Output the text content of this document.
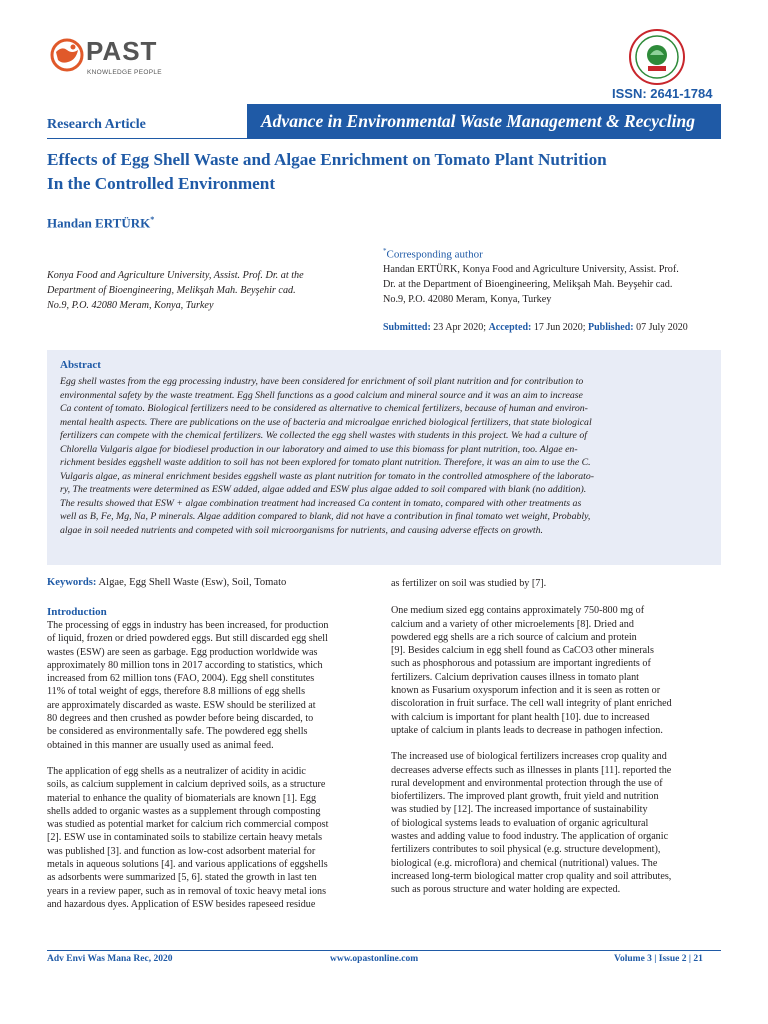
PAST
KNOWLEDGE PEOPLE
ISSN: 2641-1784
Research Article	Advance in Environmental Waste Management & Recycling
Effects of Egg Shell Waste and Algae Enrichment on Tomato Plant Nutrition
In the Controlled Environment
Handan ERTÜRK*
Konya Food and Agriculture University, Assist. Prof. Dr. at the
Department of Bioengineering, Melikşah Mah. Beyşehir cad.
No.9, P.O. 42080 Meram, Konya, Turkey
*Corresponding author
Handan ERTÜRK, Konya Food and Agriculture University, Assist. Prof.
Dr. at the Department of Bioengineering, Melikşah Mah. Beyşehir cad.
No.9, P.O. 42080 Meram, Konya, Turkey
Submitted: 23 Apr 2020; Accepted: 17 Jun 2020; Published: 07 July 2020
Abstract
Egg shell wastes from the egg processing industry, have been considered for enrichment of soil plant nutrition and for contribution to
environmental safety by the waste treatment. Egg Shell functions as a good calcium and mineral source and it was an aim to increase
Ca content of tomato. Biological fertilizers need to be considered as alternative to chemical fertilizers, because of human and environ-
mental health aspects. There are publications on the use of bacteria and microalgae enriched biological fertilizers, that state biological
fertilizers can compete with the chemical fertilizers. We collected the egg shell wastes with students in this project. We had a culture of
Chlorella Vulgaris algae for biodiesel production in our laboratory and aimed to use this biomass for plant nutrition, too. Algae en-
richment besides eggshell waste addition to soil has not been explored for tomato plant nutrition. Therefore, it was an aim to use the C.
Vulgaris algae, as mineral enrichment besides eggshell waste as plant nutrition for tomato in the controlled atmosphere of the laborato-
ry, The treatments were determined as ESW added, algae added and ESW plus algae added to soil compared with blank (no addition).
The results showed that ESW + algae combination treatment had increased Ca content in tomato, compared with other treatments as
well as B, Fe, Mg, Na, P minerals. Algae addition compared to blank, did not have a contribution in final tomato wet weight, Probably,
algae in soil needed nutrients and competed with soil microorganisms for nutrients, and causing adverse effects on growth.
Keywords: Algae, Egg Shell Waste (Esw), Soil, Tomato
Introduction

The processing of eggs in industry has been increased, for production
of liquid, frozen or dried powdered eggs. But still discarded egg shell
wastes (ESW) are seen as garbage. Egg production worldwide was
approximately 80 million tons in 2017 according to statistics, which
increased from 62 million tons (FAO, 2004). Egg shell constitutes
11% of total weight of eggs, therefore 8.8 millions of egg shells
are approximately discarded as waste. ESW should be sterilized at
80 degrees and then crushed as powder before being discarded, to
be considered as environmentally safe. The powdered egg shells
obtained in this manner are usually used as animal feed.

The application of egg shells as a neutralizer of acidity in acidic
soils, as calcium supplement in calcium deprived soils, as a structure
material to enhance the quality of biomaterials are known [1]. Egg
shells added to organic wastes as a supplement through composting
was studied as potential market for calcium rich commercial compost
[2]. ESW use in contaminated soils to stabilize certain heavy metals
was published [3]. and function as low-cost adsorbent material for
metals in aqueous solutions [4]. and various applications of eggshells
as adsorbents were summarized [5, 6]. stated the growth in last ten
years in a review paper, such as in removal of toxic heavy metal ions
and hazardous dyes. Application of ESW besides rapeseed residue

as fertilizer on soil was studied by [7].

One medium sized egg contains approximately 750-800 mg of
calcium and a variety of other microelements [8]. Dried and
powdered egg shells are a rich source of calcium and protein
[9]. Besides calcium in egg shell found as CaCO3 other minerals
such as phosphorous and potassium are important ingredients of
fertilizers. Calcium deprivation causes illness in tomato plant
known as Fusarium oxysporum infection and it is seen as rotten or
discoloration in fruit surface. The cell wall integrity of plant enriched
with calcium is important for plant health [10]. due to increased
uptake of calcium in plants leads to decrease in pathogen infection.

The increased use of biological fertilizers increases crop quality and
decreases adverse effects such as illnesses in plants [11]. reported the
rural development and environmental protection through the use of
biofertilizers. The improved plant growth, fruit yield and nutrition
was studied by [12]. The increased importance of sustainability
of biological systems leads to evaluation of organic agricultural
wastes and adding value to food industry. The application of organic
fertilizers contributes to soil physical (e.g. structure development),
biological (e.g. microflora) and chemical (nutritional) values. The
increased long-term biological matter crop quality and soil attributes,
such as porous structure and water holding are expected.

Adv Envi Was Mana Rec, 2020	www.opastonline.com	Volume 3 | Issue 2 | 21
